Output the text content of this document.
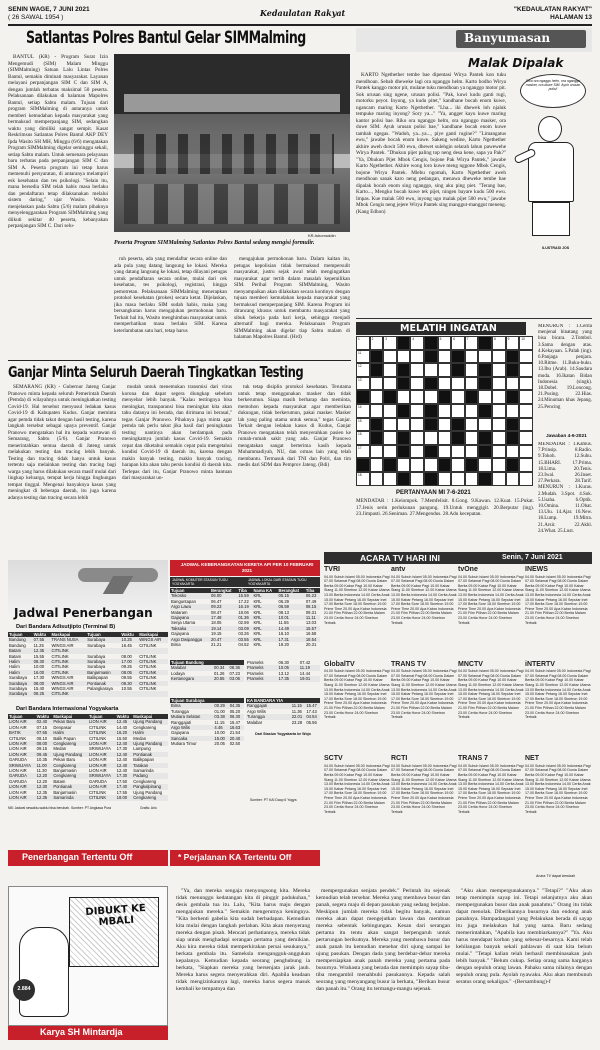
SENIN WAGE, 7 JUNI 2021
( 26 SAWAL 1954 )	Kedaulatan Rakyat	"KEDAULATAN RAKYAT"
HALAMAN 13
Satlantas Polres Bantul Gelar SIMMalming

BANTUL (KR) - Program Surat Izin Mengemudi (SIM) Malam Minggu (SIMMalming) Satuan Lalu Lintas Polres Bantul, semakin diminati masyarakat. Layanan melayani perpanjangan SIM C dan SIM A, dengan jumlah terbatas maksimal 50 peserta. Pelaksanaan dilakukan di halaman Mapolres Bantul, setiap Sabtu malam. Tujuan dari program SIMMalming di antaranya untuk memberi kemudahan kepada masyarakat yang bermaksud memperpanjang SIM, sedangkan waktu yang dimiliki sangat sempit. Kasat Reskrimsus Satlantas Polres Bantul AKP DEY Ipda Wasito SH MH, Minggu (6/6) mengatakan Program SIMMalming digelar seminggu sekali, setiap Sabtu malam. Untuk semenara pelayanan baru terbatas pada perpanjangan SIM C dan SIM A. Peserta program ini tetap harus memenuhi persyaratan, di antaranya melampiri esk kesehatan dan tes psikologi. "Selain itu, mana bersedia SIM telah habis masa berlaku dan pendaftaran tetap dilaksanakan melalui sistem daring," ujar Wasito. Wasito menjelaskan pada Sabtu (5/6) malam pihaknya menyelenggarakan Program SIMMalming yang diikuti sekitar 40 peserta, kebanyakan perpanjangan SIM C. Dari selu-

KR-Ishomuddin
Peserta Program SIMMalming Satlantas Polres Bantul sedang mengisi formulir.

ruh peserta, ada yang mendaftar secara online dan ada pula yang datang langsung ke lokasi. Mereka yang datang langsung ke lokasi, tetap dilayani petugas untuk pendaftaran secara online, mulai dari cek kesehatan, tes psikologi, registrasi, hingga pemotretan. Pelaksanaan SIMMalming menerapkan protokol kesehatan (prokes) secara ketat. Dijelaskan, jika masa berlaku SIM sudah habis, maka yang bersangkutan harus mengajukan permohonan baru. Terkait hal itu, Wasito menghimbau masyarakat untuk memperhatikan masa berlaku SIM. Karena keterlambatan satu hari, tetap harus

mengajukan permohonan baru. Dalam kaitan itu, petugas kepolisian tidak bermaksud mempersulit masyarakat, justru sejak awal telah mengingatkan masyarakat agar tertib dalam masalah kepemilikan SIM. Perihal Program SIMMalming, Wasito menyampaikan akan dilakukan secara kontinyu dengan tujuan memberi kemudahan kepada masyarakat yang bermaksud memperpanjang SIM. Karena Program ini dirancang khusus untuk membantu masyarakat yang sibuk bekerja pada hari kerja, sehingga menjadi alternatif bagi mereka. Pelaksanaan Program SIMMalming akan digelar tiap Sabtu malam di halaman Mapolres Bantul. (Hrd)

Banyumasan
Malak Dipalak

KARTO Ngethether tembe bae dipentasi Wirya Pantek kon tuku mendhoan. Sebab dheweke lagi ora nganggo helm. Karto bodho Wirya Pantek kanggo motor pit, mulane tuku mendhoan ya nganggo motor pit. Sok urusan sing ngene, urusan polisi. "Pak, kuwi kudu ganti rugi, motorku peyot. Inyong, ya kudu pitet," kandhane bocah enom kuwe, ngancam maring Karto Ngethether. "Lha... iki dhewek loh njaluk tempuke maring inyong? Sory ya..." "Ya, angger kayu kuwe maring kantor polisi bae. Riko ora nganggo helm, ora nganggo masker, ora duwe SIM. Ayuh urusan polisi bae," kandhane bocah enom kuwe tambah ngegas. "Wadoh, ya...ya..., piye ganti rugine?" "Limangatus ewu," jawabe bocah enom kuwe. Sakeng wedine, Karto Ngethether akhire aweh duwit 500 ewu, dhewet sulehgin selarah lahun pawewehe Wirya Pantek. "Dhukun pijet paling top neng desa kene, sapa ya Pak?" "Ya, Dhukun Pijet Mbok Cengis, bojone Pak Wirya Pantek," jawabe Karto Ngethether. Akhire wong loro kuwe meng nggone Mbok Cengis, bojone Wirya Pantek. Mlebu ngomah, Karto Ngethether aweh mendhoan sanak karo neng pedangan, menawa dheweke tembe bae dipalak bocah enom sing nganggo, sing aku ping piet. "Terang bae, Karto..., Mengko bocah kuwe tek pijet, ningen bayare kudu 500 ewu. Impas. Kue malak 500 ewu, inyong ugo malak pijet 500 ewu," jawabe Mbok Cengis neng jejere Wirya Pantek sing manggut-manggut meneng. (Kang Edhon)

Riko ora ngaggo helm, ora nganggo masker, ora duwe SIM. Ayuh urusan polisi!
ILUSTRASI JOS
MELATIH INGATAN
1	2	3	4	5	6	7	8	9	10
11
12
13
14
15
16
17
18

MENURUN : 1.Cerita menjenal binatang yang bisa bicara. 2.Tombol. 3.Sama dengan atas. 4.Kekayaan. 5.Palah (ing). 6.Panjaga penjara. 10.Ritme. 11.Buku-buku. 13.Ibu (Arab). 14.Saudara muda. 16.Ikatan Bidan Indonesia (singk). 18.Dobel. 19.Loncong. 21.Pusing. 22.Hias. 24.Minuman khas Jepang. 25.Pencing

Jawaban 4-6-2021

MENDATAR : 1.Kamus. 7.Prinsip. 8.Radio. 9.Tokoh. 12.Suhu. 15.BHARI. 17.Prima. 18.Lima. 20.Tenis. 23.Iwal. 26.Inset. 27.Perkara. 28.Tarif. MENURUN : 1.Kuras. 2.Mudah. 3.Spot. 4.Suk. 5.Usaha. 6.Optik. 10.Omina. 11.Obat. 13.Ulu. 14.Ajar. 16.New. 18.Lump. 19.Mitra. 21.Arsir. 22.Akhl. 24.What. 25.Lust.

PERTANYAAN MI 7-6-2021

MENDATAR : 1.Kelompok. 7.Memfelisit. 8.Gong. 9.Kawan. 12.Kuat. 15.Pukat. 17.Jenis serin perlukunan pangung. 19.Untuk menggigit. 20.Berputar (ing). 23.Jimpasti. 26.Seniman. 27.Mengendus. 28.Adu kecepatan.

Ganjar Minta Seluruh Daerah Tingkatkan Testing

SEMARANG (KR) - Gubernur Jateng Ganjar Pranowo minta kepada seluruh Pemerintah Daerah (Pemda) di wilayahnya untuk meningkatkan testing Covid-19. Hal tersebut menyusul ledakan kasus Covid-19 di Kabupaten Kudus. Ganjar meminta agar pemda tidak takut dengan hasil testing, karena langkah tersebut sebagai upaya preventif. Ganjar Pranowo mengatakan hal itu kepada wartawan di Semarang, Sabtu (5/6). Ganjar Pranowo menerintahkan semua daerah di Jateng untuk melakukan testing dan tracing lebih banyak. Testing dan tracing tidak hanya untuk kasus tertentu saja melainkan testing dan tracing bagi warga yang harus dilakukan secara masif mulai dari lingkup keluarga, tempat kerja hingga lingkungan tempat tinggal. Mengenai banyaknya kasus yang meningkat di beberapa daerah, itu juga karena adanya testing dan tracing secara lebih

mudah untuk menemukan transmisi dari virus korona dan dapat segera diungkap sebelum menyebar lebih banyak. "Kalau testingnya bisa meningkat, transparansi bisa meningkat kita akan tahu datanya ini berada, dan dirimana ini berasal," tegas Ganjar Pranowo. Pihaknya juga minta agar pemda tak perlu takut jika hasil dari peningkatan testing nantinya akan berdampak pada meningkatnya jumlah kasus Covid-19. Semakin cepat dan diketahui semakin cepat pula mengetahui kondisi Covid-19 di daerah itu, karena dengan makin banyak testing, makin banyak tracing, harapan kita akan tahu persis kondisi di daerah kita. Terlepas dari itu, Ganjar Pranowo minta bantuan dari masyarakat un-

tuk tetap disiplin protokol kesehatan. Terutama untuk tetap menggunakan masker dan tidak berkerumun. Siapa masih berharap dan meminta, memohon kepada masyarakat agar memberikan dukungan, tidak berkerumun, pakai masker. Masker lah yang paling utama untuk semua," tegas Ganjar. Terkait dengan ledakan kasus di Kudus, Ganjar Pranowo mengatakan telah menyerahkan pasien ke rumah-rumah sakit yang ada. Ganjar Pranowo mengatakan sangat berterima kasih kepada Muhammadiyah, NU, dan ormas lain yang telah membantu. Termasuk dari TNI dan Polri, dan tim medis dari SDM dan Pemprov Jateng. (Bdi)

Jadwal Penerbangan
Dari Bandara Adisutjipto (Terminal B)
Tujuan	Waktu	Maskapai	Tujuan	Waktu	Maskapai
Bandung	07.55	TRANS NUSA	Surabaya	10.25	WINGS AIR
Bandung	11.25	WINGS AIR	Surabaya	16.45	CITILINK
Batam	12.35	CITILINK			
Batam	15.55	CITILINK	Surabaya	08.00	CITILINK
Halim	08.30	CITILINK	Surabaya	17.00	CITILINK
Halim	10.00	CITILINK	Surabaya	09.25	CITILINK
Halim	16.00	CITILINK	Banjarmasin	08.05	CITILINK
Surabaya	17.30	WINGS AIR	Balikpapan	09.55	CITILINK
Surabaya	08.00	WINGS AIR	Pontianak	09.30	CITILINK
Surabaya	15.40	WINGS AIR	Palangkaraya	10.55	CITILINK
Surabaya	08.25	CITILINK			
Dari Bandara Internasional Yogyakarta
Tujuan	Waktu	Maskapai	Tujuan	Waktu	Maskapai
LION AIR	02.40	Pekan Baru	LION AIR	12.45	Ujung Pandang
LION AIR	07.15	Denpasar	CITILINK	14.40	Cengkareng
BATIK	07.55	Halim	CITILINK	16.20	Halim
CITILINK	08.10	Balik Papan	CITILINK	15.50	Medan
LION AIR	08.00	Cengkareng	LION AIR	12.40	Ujung Pandang
LION AIR	09.15	Medan	SRIWIJAYA	17.30	Lampung
LION AIR	09.45	Ujung Pandang	LION AIR	12.40	Pontianak
GARUDA	10.35	Pekan Baru	LION AIR	12.40	Balikpapan
SRIWIJAYA	11.00	Cengkareng	LION AIR	12.40	Tarakan
LION AIR	11.30	Banjarmasin	LION AIR	12.40	Samarinda
GARUDA	12.20	Cengkareng	SRIWIJAYA	17.30	Padang
GARUDA	12.20	Batam	GARUDA	17.50	Cengkareng
LION AIR	12.30	Pontianak	LION AIR	17.40	Pangkalpinang
LION AIR	12.35	Banjarmasin	CITILINK	17.55	Ujung Pandang
LION AIR	12.35	Samarinda	CITILINK	18.00	Cengkareng
NB: Jadwal sewaktu-waktu bisa berubah. Sumber: PT Angkasa Pura	Grafis: Ario
Penerbangan Tertentu Off
JADWAL KEBERANGKATAN KERETA API PER 10 FEBRUARI 2021
JADWAL KOMUTER STASIUN TUGU YOGYAKARTA
JADWAL LOKAL DARI STASIUN TUGU YOGYAKARTA
Tujuan	Berangkat	Tiba	Nama KA	Berangkat	Tiba
Tekosko	06.00	15.59	KRL	05.15	06.23
Banguntapan	06.47	17.22	KRL	06.29	07.49
Argo Lawu	09.23	16.19	KRL	06.59	08.15
Mataram	08.47	18.06	KRL	08.13	09.31
Gajayana	17.48	01.36	KRL	10.01	11.11
Senja Utama	18.05	02.59	KRL	11.55	13.03
Taksaka	19.14	03.09	KRL	14.49	15.57
Gajayana	19.15	03.26	KRL	16.10	16.58
Argo Dwipangga	20.47	03.55	KRL	17.31	18.54
Bima	21.21	04.52	KRL	19.20	20.31
Tujuan Bandung		
Malabar	00.34	08.36
Lodaya	01.26	07.23
Kertanegara	20.55	03.06
Prameks	06.30	07.42
Prameks	10.05	11.19
Prameks	13.12	14.44
Prameks	17.35	19.01
Tujuan Surabaya		
Bima	00.29	04.35
Turangga	01.00	05.20
Mutiara Selatan	03.38	06.30
Ranggajati	11.15	15.47
Argo Wilis	4.46	16.63
Gajayana	10.00	21.54
Sancaka	15.00	20.40
Mutiara Timur	20.05	02.50
KA BANDARA YIA		
Ranggajati	11.15	15.47
Argo Wilis	11.36	17.43
Turangga	22.01	04.54
Malabar	23.28	05.56
Dari Stasiun Yogyakarta ke Wojo
Sumber: PT KAI Daop 6 Yogya
* Perjalanan KA Tertentu Off
ACARA TV HARI INI	Senin, 7 Juni 2021
TVRI
04.00 Subuh Islami 05.00 Indonesia Pagi 07.00 Selamat Pagi 08.00 Dunia Dalam Berita 09.00 Kabar Pagi 10.00 Kabar Siang 11.00 Sinetron 12.00 Kabar Utama 13.00 Berita Indonesia 14.00 Cerita Anak 15.00 Kabar Petang 16.00 Seputar Inet 17.00 Berita Sore 18.00 Sinetron 19.00 Prime Time 20.00 Apa Kabar Indonesia 21.00 Film Pilihan 22.00 Berita Malam 23.00 Cerita Horor 24.00 Sinetron Terbaik
GlobalTV
04.00 Subuh Islami 05.00 Indonesia Pagi 07.00 Selamat Pagi 08.00 Dunia Dalam Berita 09.00 Kabar Pagi 10.00 Kabar Siang 11.00 Sinetron 12.00 Kabar Utama 13.00 Berita Indonesia 14.00 Cerita Anak 15.00 Kabar Petang 16.00 Seputar Inet 17.00 Berita Sore 18.00 Sinetron 19.00 Prime Time 20.00 Apa Kabar Indonesia 21.00 Film Pilihan 22.00 Berita Malam 23.00 Cerita Horor 24.00 Sinetron Terbaik
SCTV
04.00 Subuh Islami 05.00 Indonesia Pagi 07.00 Selamat Pagi 08.00 Dunia Dalam Berita 09.00 Kabar Pagi 10.00 Kabar Siang 11.00 Sinetron 12.00 Kabar Utama 13.00 Berita Indonesia 14.00 Cerita Anak 15.00 Kabar Petang 16.00 Seputar Inet 17.00 Berita Sore 18.00 Sinetron 19.00 Prime Time 20.00 Apa Kabar Indonesia 21.00 Film Pilihan 22.00 Berita Malam 23.00 Cerita Horor 24.00 Sinetron Terbaik
antv
04.00 Subuh Islami 05.00 Indonesia Pagi 07.00 Selamat Pagi 08.00 Dunia Dalam Berita 09.00 Kabar Pagi 10.00 Kabar Siang 11.00 Sinetron 12.00 Kabar Utama 13.00 Berita Indonesia 14.00 Cerita Anak 15.00 Kabar Petang 16.00 Seputar Inet 17.00 Berita Sore 18.00 Sinetron 19.00 Prime Time 20.00 Apa Kabar Indonesia 21.00 Film Pilihan 22.00 Berita Malam 23.00 Cerita Horor 24.00 Sinetron Terbaik
TRANS TV
04.00 Subuh Islami 05.00 Indonesia Pagi 07.00 Selamat Pagi 08.00 Dunia Dalam Berita 09.00 Kabar Pagi 10.00 Kabar Siang 11.00 Sinetron 12.00 Kabar Utama 13.00 Berita Indonesia 14.00 Cerita Anak 15.00 Kabar Petang 16.00 Seputar Inet 17.00 Berita Sore 18.00 Sinetron 19.00 Prime Time 20.00 Apa Kabar Indonesia 21.00 Film Pilihan 22.00 Berita Malam 23.00 Cerita Horor 24.00 Sinetron Terbaik
RCTI
04.00 Subuh Islami 05.00 Indonesia Pagi 07.00 Selamat Pagi 08.00 Dunia Dalam Berita 09.00 Kabar Pagi 10.00 Kabar Siang 11.00 Sinetron 12.00 Kabar Utama 13.00 Berita Indonesia 14.00 Cerita Anak 15.00 Kabar Petang 16.00 Seputar Inet 17.00 Berita Sore 18.00 Sinetron 19.00 Prime Time 20.00 Apa Kabar Indonesia 21.00 Film Pilihan 22.00 Berita Malam 23.00 Cerita Horor 24.00 Sinetron Terbaik
tvOne
04.00 Subuh Islami 05.00 Indonesia Pagi 07.00 Selamat Pagi 08.00 Dunia Dalam Berita 09.00 Kabar Pagi 10.00 Kabar Siang 11.00 Sinetron 12.00 Kabar Utama 13.00 Berita Indonesia 14.00 Cerita Anak 15.00 Kabar Petang 16.00 Seputar Inet 17.00 Berita Sore 18.00 Sinetron 19.00 Prime Time 20.00 Apa Kabar Indonesia 21.00 Film Pilihan 22.00 Berita Malam 23.00 Cerita Horor 24.00 Sinetron Terbaik
MNCTV
04.00 Subuh Islami 05.00 Indonesia Pagi 07.00 Selamat Pagi 08.00 Dunia Dalam Berita 09.00 Kabar Pagi 10.00 Kabar Siang 11.00 Sinetron 12.00 Kabar Utama 13.00 Berita Indonesia 14.00 Cerita Anak 15.00 Kabar Petang 16.00 Seputar Inet 17.00 Berita Sore 18.00 Sinetron 19.00 Prime Time 20.00 Apa Kabar Indonesia 21.00 Film Pilihan 22.00 Berita Malam 23.00 Cerita Horor 24.00 Sinetron Terbaik
TRANS 7
04.00 Subuh Islami 05.00 Indonesia Pagi 07.00 Selamat Pagi 08.00 Dunia Dalam Berita 09.00 Kabar Pagi 10.00 Kabar Siang 11.00 Sinetron 12.00 Kabar Utama 13.00 Berita Indonesia 14.00 Cerita Anak 15.00 Kabar Petang 16.00 Seputar Inet 17.00 Berita Sore 18.00 Sinetron 19.00 Prime Time 20.00 Apa Kabar Indonesia 21.00 Film Pilihan 22.00 Berita Malam 23.00 Cerita Horor 24.00 Sinetron Terbaik
INEWS
04.00 Subuh Islami 05.00 Indonesia Pagi 07.00 Selamat Pagi 08.00 Dunia Dalam Berita 09.00 Kabar Pagi 10.00 Kabar Siang 11.00 Sinetron 12.00 Kabar Utama 13.00 Berita Indonesia 14.00 Cerita Anak 15.00 Kabar Petang 16.00 Seputar Inet 17.00 Berita Sore 18.00 Sinetron 19.00 Prime Time 20.00 Apa Kabar Indonesia 21.00 Film Pilihan 22.00 Berita Malam 23.00 Cerita Horor 24.00 Sinetron Terbaik
iNTERTV
04.00 Subuh Islami 05.00 Indonesia Pagi 07.00 Selamat Pagi 08.00 Dunia Dalam Berita 09.00 Kabar Pagi 10.00 Kabar Siang 11.00 Sinetron 12.00 Kabar Utama 13.00 Berita Indonesia 14.00 Cerita Anak 15.00 Kabar Petang 16.00 Seputar Inet 17.00 Berita Sore 18.00 Sinetron 19.00 Prime Time 20.00 Apa Kabar Indonesia 21.00 Film Pilihan 22.00 Berita Malam 23.00 Cerita Horor 24.00 Sinetron Terbaik
NET
04.00 Subuh Islami 05.00 Indonesia Pagi 07.00 Selamat Pagi 08.00 Dunia Dalam Berita 09.00 Kabar Pagi 10.00 Kabar Siang 11.00 Sinetron 12.00 Kabar Utama 13.00 Berita Indonesia 14.00 Cerita Anak 15.00 Kabar Petang 16.00 Seputar Inet 17.00 Berita Sore 18.00 Sinetron 19.00 Prime Time 20.00 Apa Kabar Indonesia 21.00 Film Pilihan 22.00 Berita Malam 23.00 Cerita Horor 24.00 Sinetron Terbaik
Acara TV dapat berubah
DIBUKT KE MBALI
2.884
Karya SH Mintardja

"Ya, dan mereka sengaja menyongsong kita. Mereka tidak menunggu kedatangan kita di pinggir padukuhan," desis gembala tua itu. Lalu, "Kita harus maju dengan mengajukan mereka." Semakin mengerutnya keningnya. "Kita berhenti gabelia kita sudah berbadapan. Kemudian kita mulai dengan langkah perlahan. Kita akan menyerang mereka dengan pisah. Mencari perhatiannya, mereka tidak siap untuk menghadapi serangan pertama yang demikian. Aku kira mereka tidak memperkirakan persai sesukanya," berkata gembala itu. Sameksla mengangguk-anggukan kepalanya. Kemudian kepada seorang penghubung ia berkata, "Siapkan mereka yang bersenjata jarak jauh. Mereka harus segera menyerahkan diri. Apabila keadaan tidak mengizinkannya lagi, mereka harus segera masuk kembali ke tempatnya dan

mempergunakan senjata pendek." Perintah itu sejenak kemudian telah tersebar. Mereka yang membawa busur dan panah, segera maju di depan pasukan yang sedang berjalan. Meskipun jumlah mereka tidak begitu banyak, namun mereka akan dapat mengejutkan lawan dan membuat mereka sebentak kebingungan. Kesan dari serangan pertama itu tentu akan sangat berpengaruh untuk pertarungan berikutnya. Mereka yang membawa busur dan anak panah itu kemudian menebar diri ujung sampai ke ujung pasukan. Dengan dada yang berdebar-debar mereka mempersiapkan anak panah mereka yang pertama pada busurnya. Wrahasta yang berada dan memimpin sayap tiba-tiba mengambil menahbuhi pasukannya. Kepada salah seorang yang menyangang busur ia berkata, "Berikan busur dan panah itu." Orang itu termangu-mangu sejenak.

"Aku akan mempergunakannya." "Tetapi?" "Aku akan tetap memimpin sayap ini. Tetapi selanjutnya aku akan mempergunakan busur dan anak panahmu." Orang itu tidak dapat menolak. Diberikannya busurnya dan endong anak panahnya. Hampadanganl yang Pelakukan berada di sayap itu juga melakukan hal yang sama. Baru sedang memerintahkan, "Apabila kau membiarkannya?" "Ya. Aku harus mendapat korban yang sebesar-besarnya. Kami telah kehilangan banyak sekali pahlawan di saat kita belum mulai." "Tetapi kalian telah berhasil membinasakan jauh lebih banyak." "Belum cukup. Setiap orang sama harganya dengan sepuluh orang lawan. Pahaku sama nilainya dengan sepuluh orang pula. Ayolah nyawaku. Aku akan membunuh seratus orang sekaligus." -(Bersambung)-f
